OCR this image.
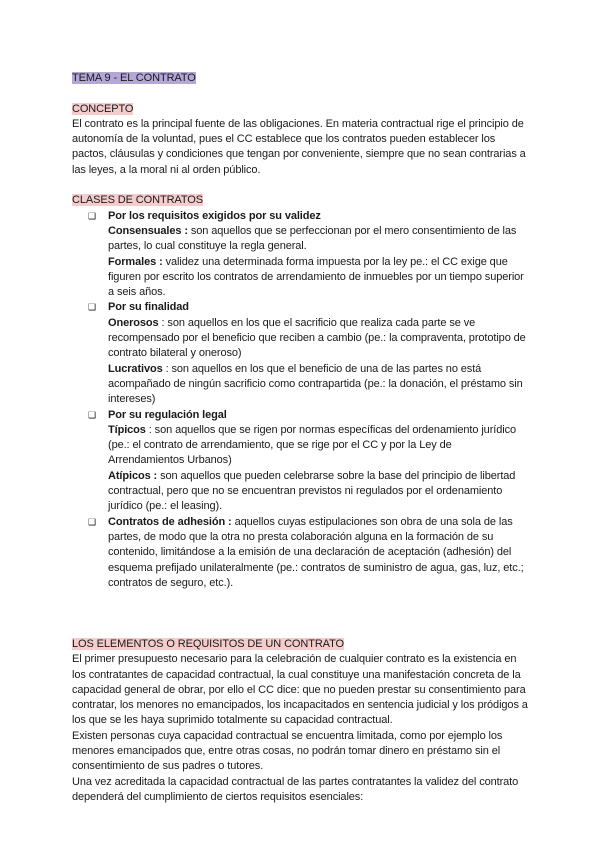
TEMA 9 - EL CONTRATO

CONCEPTO

El contrato es la principal fuente de las obligaciones. En materia contractual rige el principio de autonomía de la voluntad, pues el CC establece que los contratos pueden establecer los pactos, cláusulas y condiciones que tengan por conveniente, siempre que no sean contrarias a las leyes, a la moral ni al orden público.

CLASES DE CONTRATOS

❑ Por los requisitos exigidos por su validez
Consensuales : son aquellos que se perfeccionan por el mero consentimiento de las partes, lo cual constituye la regla general.
Formales : validez una determinada forma impuesta por la ley pe.: el CC exige que figuren por escrito los contratos de arrendamiento de inmuebles por un tiempo superior a seis años.
❑ Por su finalidad
Onerosos : son aquellos en los que el sacrificio que realiza cada parte se ve recompensado por el beneficio que reciben a cambio (pe.: la compraventa, prototipo de contrato bilateral y oneroso)
Lucrativos : son aquellos en los que el beneficio de una de las partes no está acompañado de ningún sacrificio como contrapartida (pe.: la donación, el préstamo sin intereses)
❑ Por su regulación legal
Típicos : son aquellos que se rigen por normas específicas del ordenamiento jurídico (pe.: el contrato de arrendamiento, que se rige por el CC y por la Ley de Arrendamientos Urbanos)
Atípicos : son aquellos que pueden celebrarse sobre la base del principio de libertad contractual, pero que no se encuentran previstos ni regulados por el ordenamiento jurídico (pe.: el leasing).
❑ Contratos de adhesión : aquellos cuyas estipulaciones son obra de una sola de las partes, de modo que la otra no presta colaboración alguna en la formación de su contenido, limitándose a la emisión de una declaración de aceptación (adhesión) del esquema prefijado unilateralmente (pe.: contratos de suministro de agua, gas, luz, etc.; contratos de seguro, etc.).

LOS ELEMENTOS O REQUISITOS DE UN CONTRATO

El primer presupuesto necesario para la celebración de cualquier contrato es la existencia en los contratantes de capacidad contractual, la cual constituye una manifestación concreta de la capacidad general de obrar, por ello el CC dice: que no pueden prestar su consentimiento para contratar, los menores no emancipados, los incapacitados en sentencia judicial y los pródigos a los que se les haya suprimido totalmente su capacidad contractual.

Existen personas cuya capacidad contractual se encuentra limitada, como por ejemplo los menores emancipados que, entre otras cosas, no podrán tomar dinero en préstamo sin el consentimiento de sus padres o tutores.

Una vez acreditada la capacidad contractual de las partes contratantes la validez del contrato dependerá del cumplimiento de ciertos requisitos esenciales:
